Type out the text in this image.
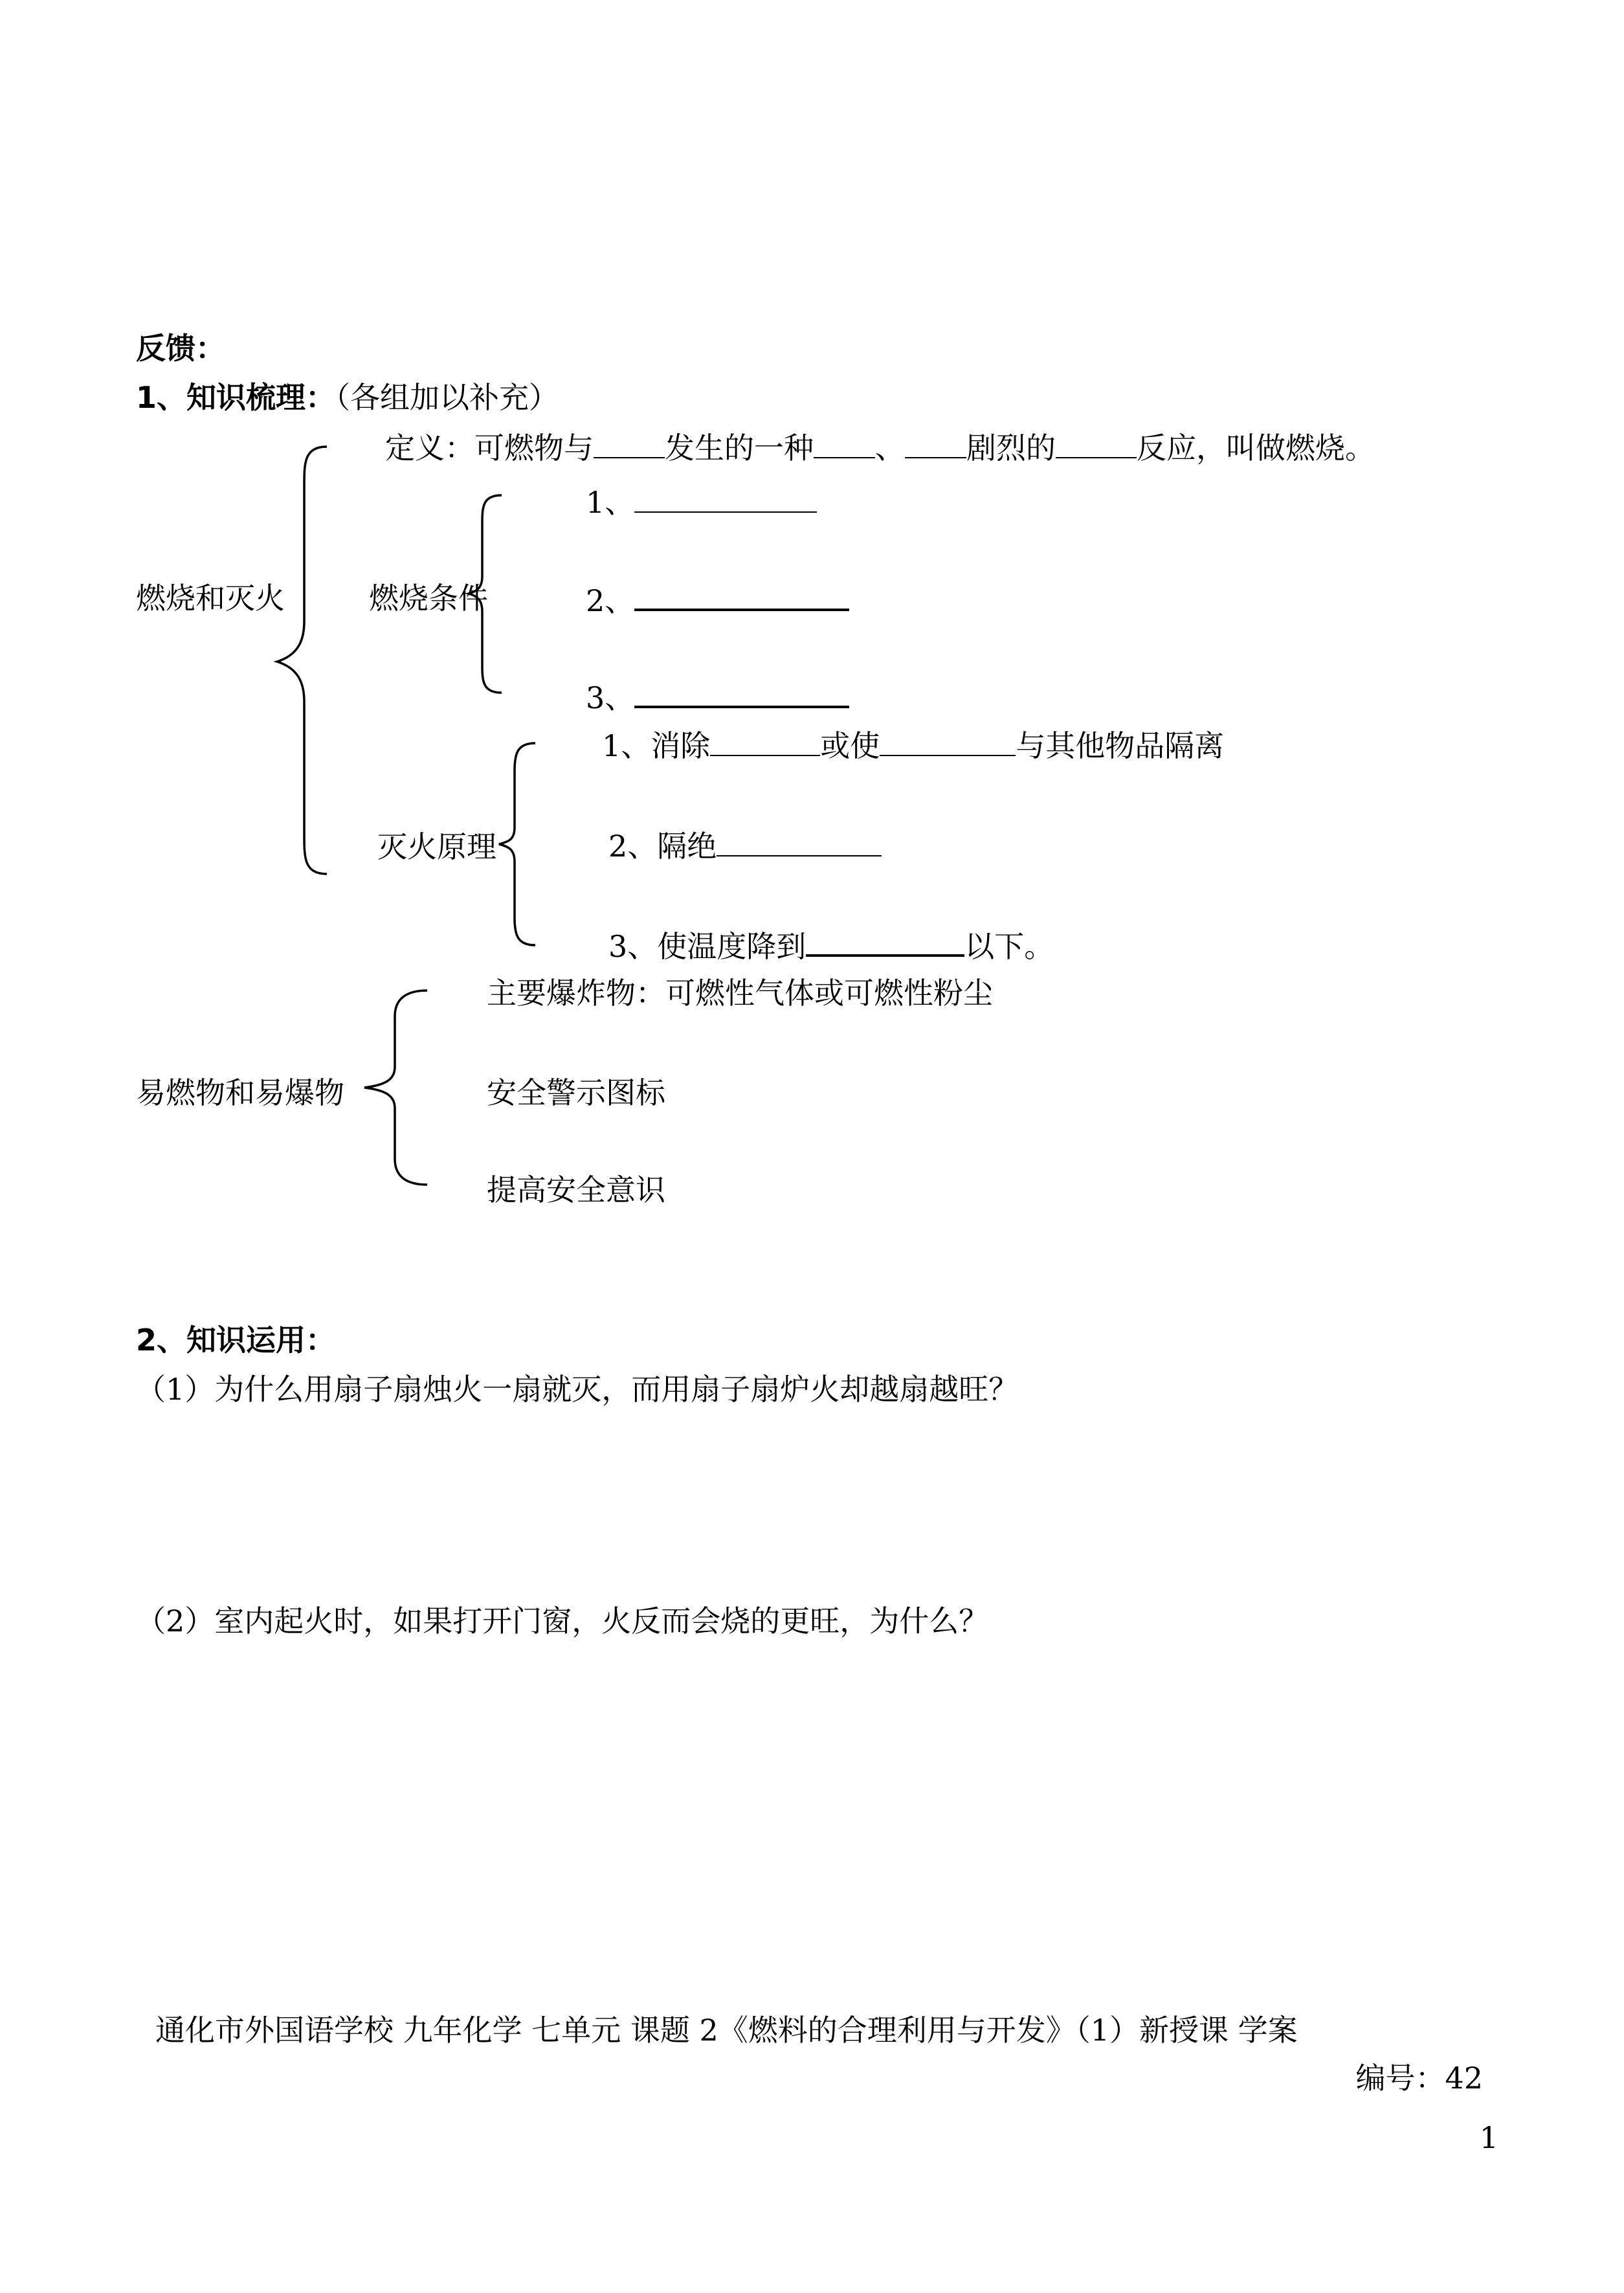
反馈：
1、知识梳理：（各组加以补充）
燃烧和灭火
定义：可燃物与 发生的一种 、 剧烈的	反应，叫做燃烧。
燃烧条件
1、
2、
3、
灭火原理
1、消除	或使	与其他物品隔离
2、隔绝
3、使温度降到	以下。
易燃物和易爆物
主要爆炸物：可燃性气体或可燃性粉尘
安全警示图标
提高安全意识
2、知识运用：
（1）为什么用扇子扇烛火一扇就灭，而用扇子扇炉火却越扇越旺？
（2）室内起火时，如果打开门窗，火反而会烧的更旺，为什么？
通化市外国语学校 九年化学 七单元 课题 2《燃料的合理利用与开发》（1）新授课 学案
编号：42
1
